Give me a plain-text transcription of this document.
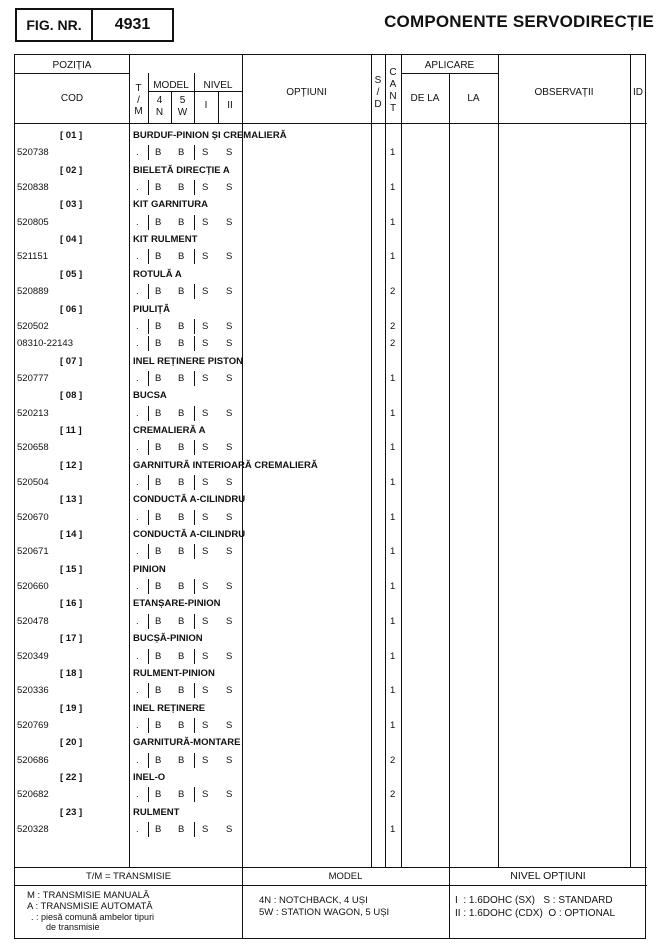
FIG. NR.	4931	COMPONENTE SERVODIRECȚIE
POZIȚIA
COD
T
/
M
MODEL
4
N
5
W
NIVEL
I	II
OPȚIUNI
S
/
D
C
A
N
T
APLICARE
DE LA	LA
OBSERVAȚII	ID
[ 01 ]	BURDUF-PINION ȘI CREMALIERĂ
520738	. B B S S	1
[ 02 ]	BIELETĂ DIRECȚIE A
520838	. B B S S	1
[ 03 ]	KIT GARNITURA
520805	. B B S S	1
[ 04 ]	KIT RULMENT
521151	. B B S S	1
[ 05 ]	ROTULĂ A
520889	. B B S S	2
[ 06 ]	PIULIȚĂ
520502	. B B S S	2
08310-22143	. B B S S	2
[ 07 ]	INEL REȚINERE PISTON
520777	. B B S S	1
[ 08 ]	BUCSA
520213	. B B S S	1
[ 11 ]	CREMALIERĂ A
520658	. B B S S	1
[ 12 ]	GARNITURĂ INTERIOARĂ CREMALIERĂ
520504	. B B S S	1
[ 13 ]	CONDUCTĂ A-CILINDRU
520670	. B B S S	1
[ 14 ]	CONDUCTĂ A-CILINDRU
520671	. B B S S	1
[ 15 ]	PINION
520660	. B B S S	1
[ 16 ]	ETANȘARE-PINION
520478	. B B S S	1
[ 17 ]	BUCȘĂ-PINION
520349	. B B S S	1
[ 18 ]	RULMENT-PINION
520336	. B B S S	1
[ 19 ]	INEL REȚINERE
520769	. B B S S	1
[ 20 ]	GARNITURĂ-MONTARE
520686	. B B S S	2
[ 22 ]	INEL-O
520682	. B B S S	2
[ 23 ]	RULMENT
520328	. B B S S	1
T/M = TRANSMISIE	MODEL	NIVEL OPȚIUNI
M : TRANSMISIE MANUALĂ
A : TRANSMISIE AUTOMATĂ
. : piesă comună ambelor tipuri
de transmisie
4N : NOTCHBACK, 4 UȘI
5W : STATION WAGON, 5 UȘI
I  : 1.6DOHC (SX)   S : STANDARD
II : 1.6DOHC (CDX)  O : OPTIONAL
